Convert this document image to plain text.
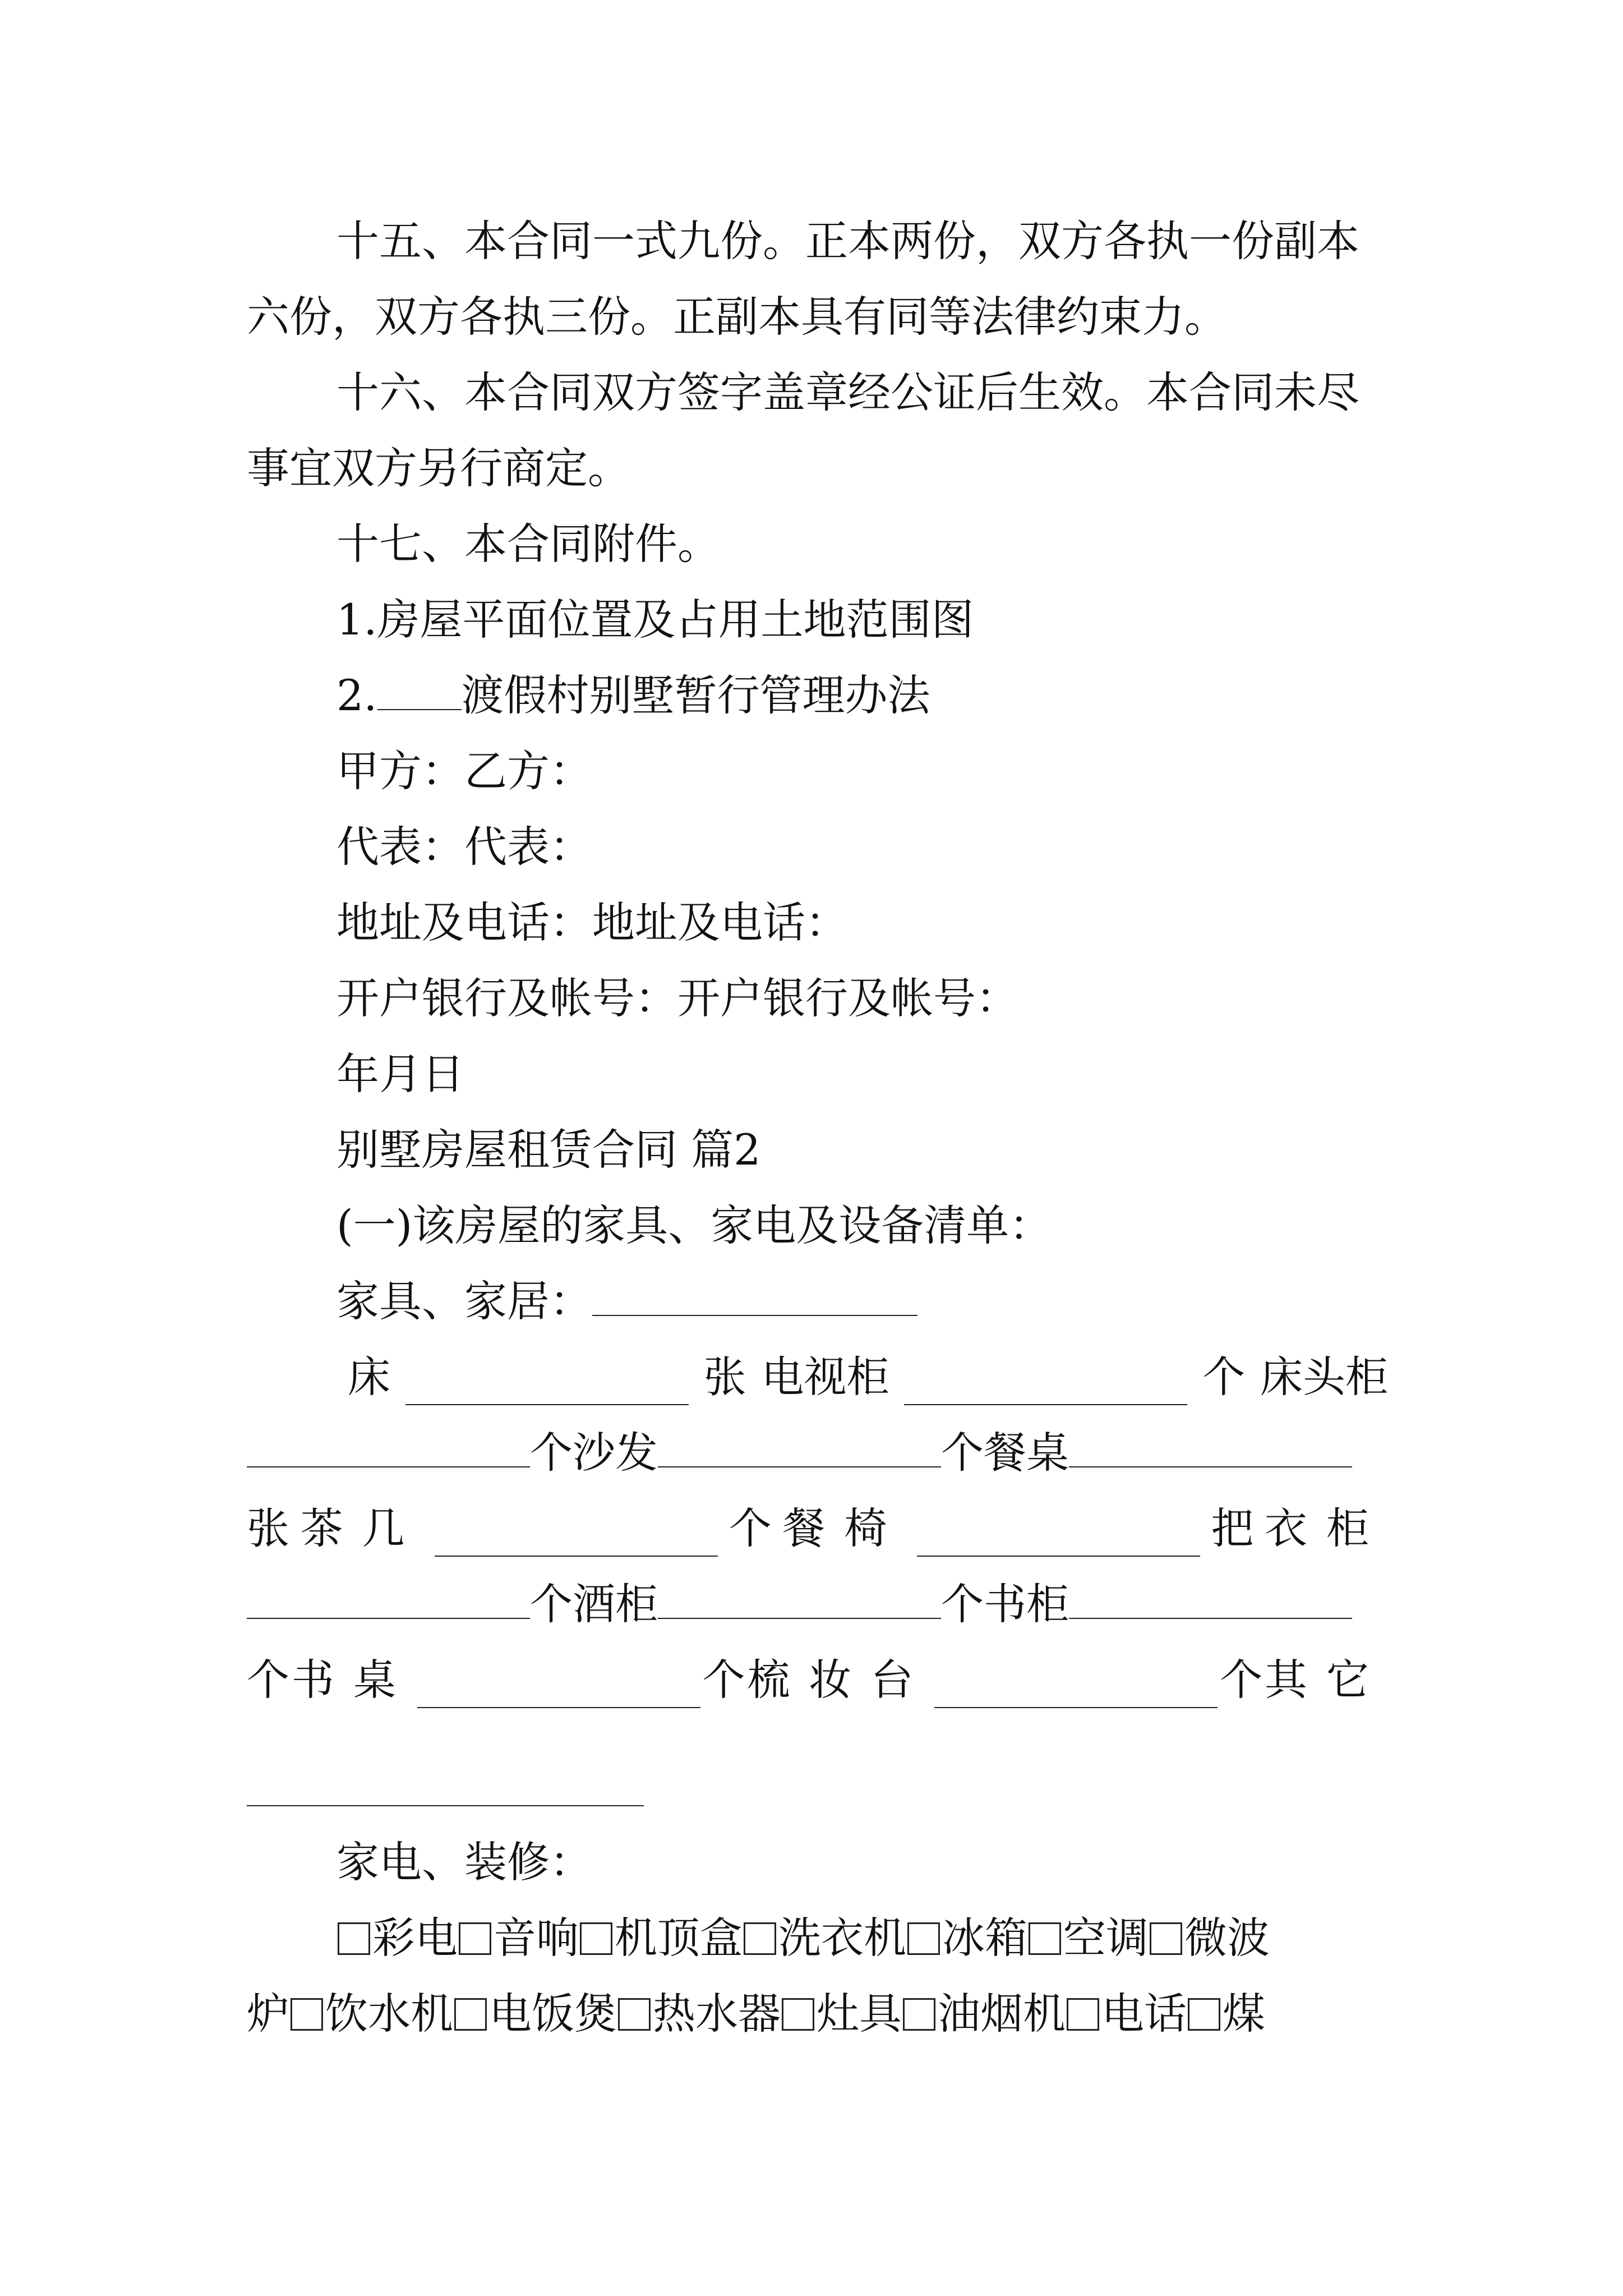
十五、本合同一式九份。正本两份，双方各执一份副本
六份，双方各执三份。正副本具有同等法律约束力。
十六、本合同双方签字盖章经公证后生效。本合同未尽
事宜双方另行商定。
十七、本合同附件。
1.房屋平面位置及占用土地范围图
2. 渡假村别墅暂行管理办法
甲方：乙方：
代表：代表：
地址及电话：地址及电话：
开户银行及帐号：开户银行及帐号：
年月日
别墅房屋租赁合同 篇2
(一)该房屋的家具、家电及设备清单：
家具、家居：
床	张 电视柜	个 床头柜
个沙发	个餐桌
张 茶几	个 餐椅	把 衣柜
个酒柜	个书柜
个 书桌	个 梳妆台	个 其它
家电、装修：
彩电 音响 机顶盒 洗衣机 冰箱 空调 微波
炉 饮水机 电饭煲 热水器 灶具 油烟机 电话 煤
